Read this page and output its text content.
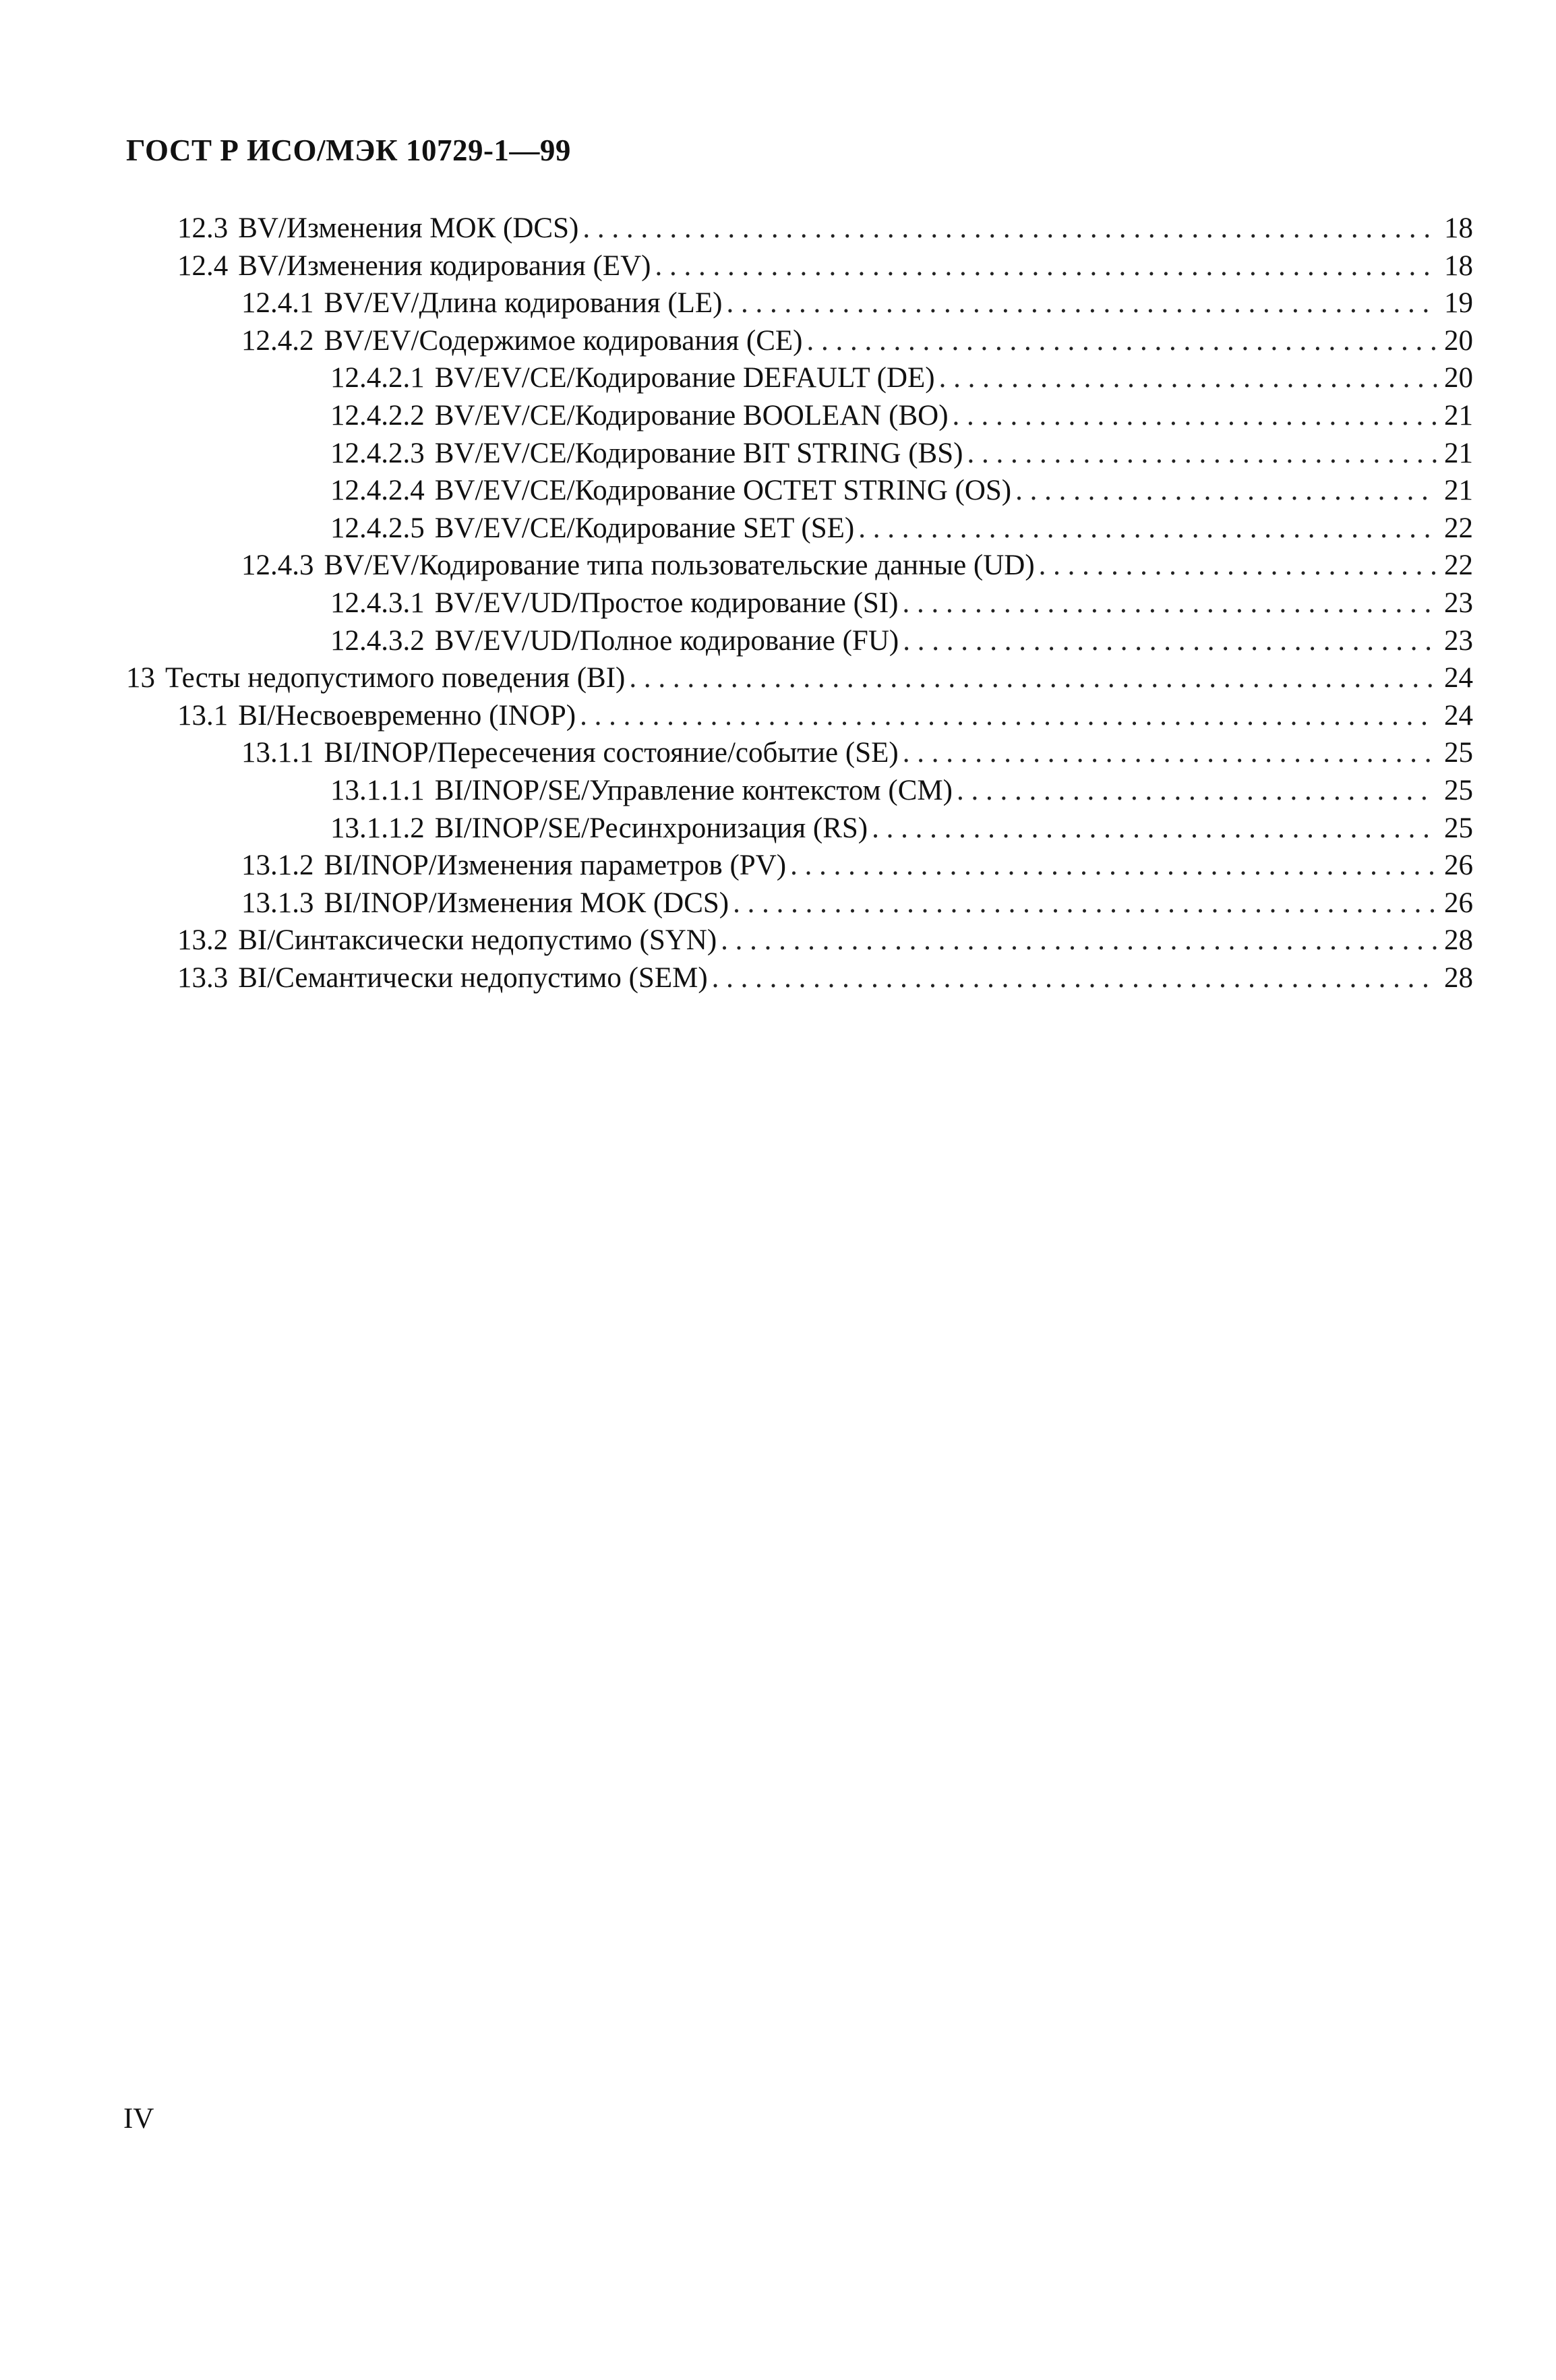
ГОСТ Р ИСО/МЭК 10729-1—99
12.3 BV/Изменения МОК (DCS) . . .	18
12.4 BV/Изменения кодирования (EV) . . .	18
12.4.1 BV/EV/Длина кодирования (LE) . . .	19
12.4.2 BV/EV/Содержимое кодирования (CE) . . .	20
12.4.2.1 BV/EV/CE/Кодирование DEFAULT (DE) . . .	20
12.4.2.2 BV/EV/CE/Кодирование BOOLEAN (BO) . . .	21
12.4.2.3 BV/EV/CE/Кодирование BIT STRING (BS) . . .	21
12.4.2.4 BV/EV/CE/Кодирование OCTET STRING (OS) . . .	21
12.4.2.5 BV/EV/CE/Кодирование SET (SE) . . .	22
12.4.3 BV/EV/Кодирование типа пользовательские данные (UD) . . .	22
12.4.3.1 BV/EV/UD/Простое кодирование (SI) . . .	23
12.4.3.2 BV/EV/UD/Полное кодирование (FU) . . .	23
13 Тесты недопустимого поведения (BI) . . .	24
13.1 BI/Несвоевременно (INOP) . . .	24
13.1.1 BI/INOP/Пересечения состояние/событие (SE) . . .	25
13.1.1.1 BI/INOP/SE/Управление контекстом (CM) . . .	25
13.1.1.2 BI/INOP/SE/Ресинхронизация (RS) . . .	25
13.1.2 BI/INOP/Изменения параметров (PV) . . .	26
13.1.3 BI/INOP/Изменения МОК (DCS) . . .	26
13.2 BI/Синтаксически недопустимо (SYN) . . .	28
13.3 BI/Семантически недопустимо (SEM) . . .	28
IV
